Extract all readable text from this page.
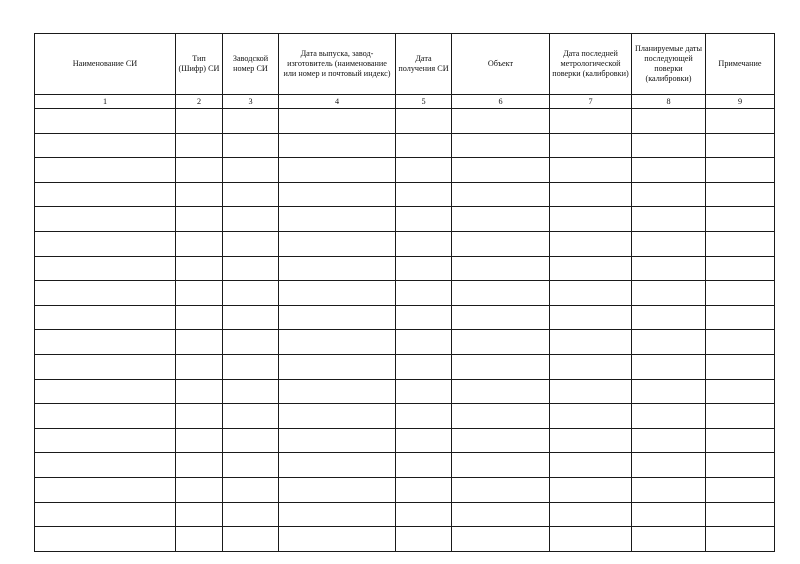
Наименование СИ	Тип (Шифр) СИ	Заводской номер СИ	Дата выпуска, завод-изготовитель (наименование или номер и почтовый индекс)	Дата получения СИ	Объект	Дата последней метрологической поверки (калибровки)	Планируемые даты последующей поверки (калибровки)	Примечание

1	2	3	4	5	6	7	8	9
